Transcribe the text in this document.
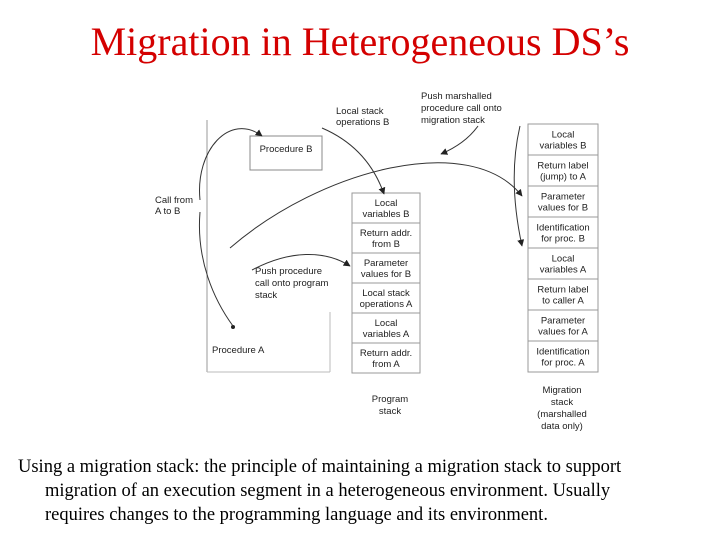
Migration in Heterogeneous DS’s
Procedure B
Procedure A
Call from
A to B
Local stack
operations B
Push marshalled
procedure call onto
migration stack
Push procedure
call onto program
stack
Local
variables B
Return addr.
from B
Parameter
values for B
Local stack
operations A
Local
variables A
Return addr.
from A
Program
stack
Local
variables B
Return label
(jump) to A
Parameter
values for B
Identification
for proc. B
Local
variables A
Return label
to caller A
Parameter
values for A
Identification
for proc. A
Migration
stack
(marshalled
data only)
Using a migration stack: the principle of maintaining a migration stack to support
migration of an execution segment in a heterogeneous environment. Usually
requires changes to the programming language and its environment.
